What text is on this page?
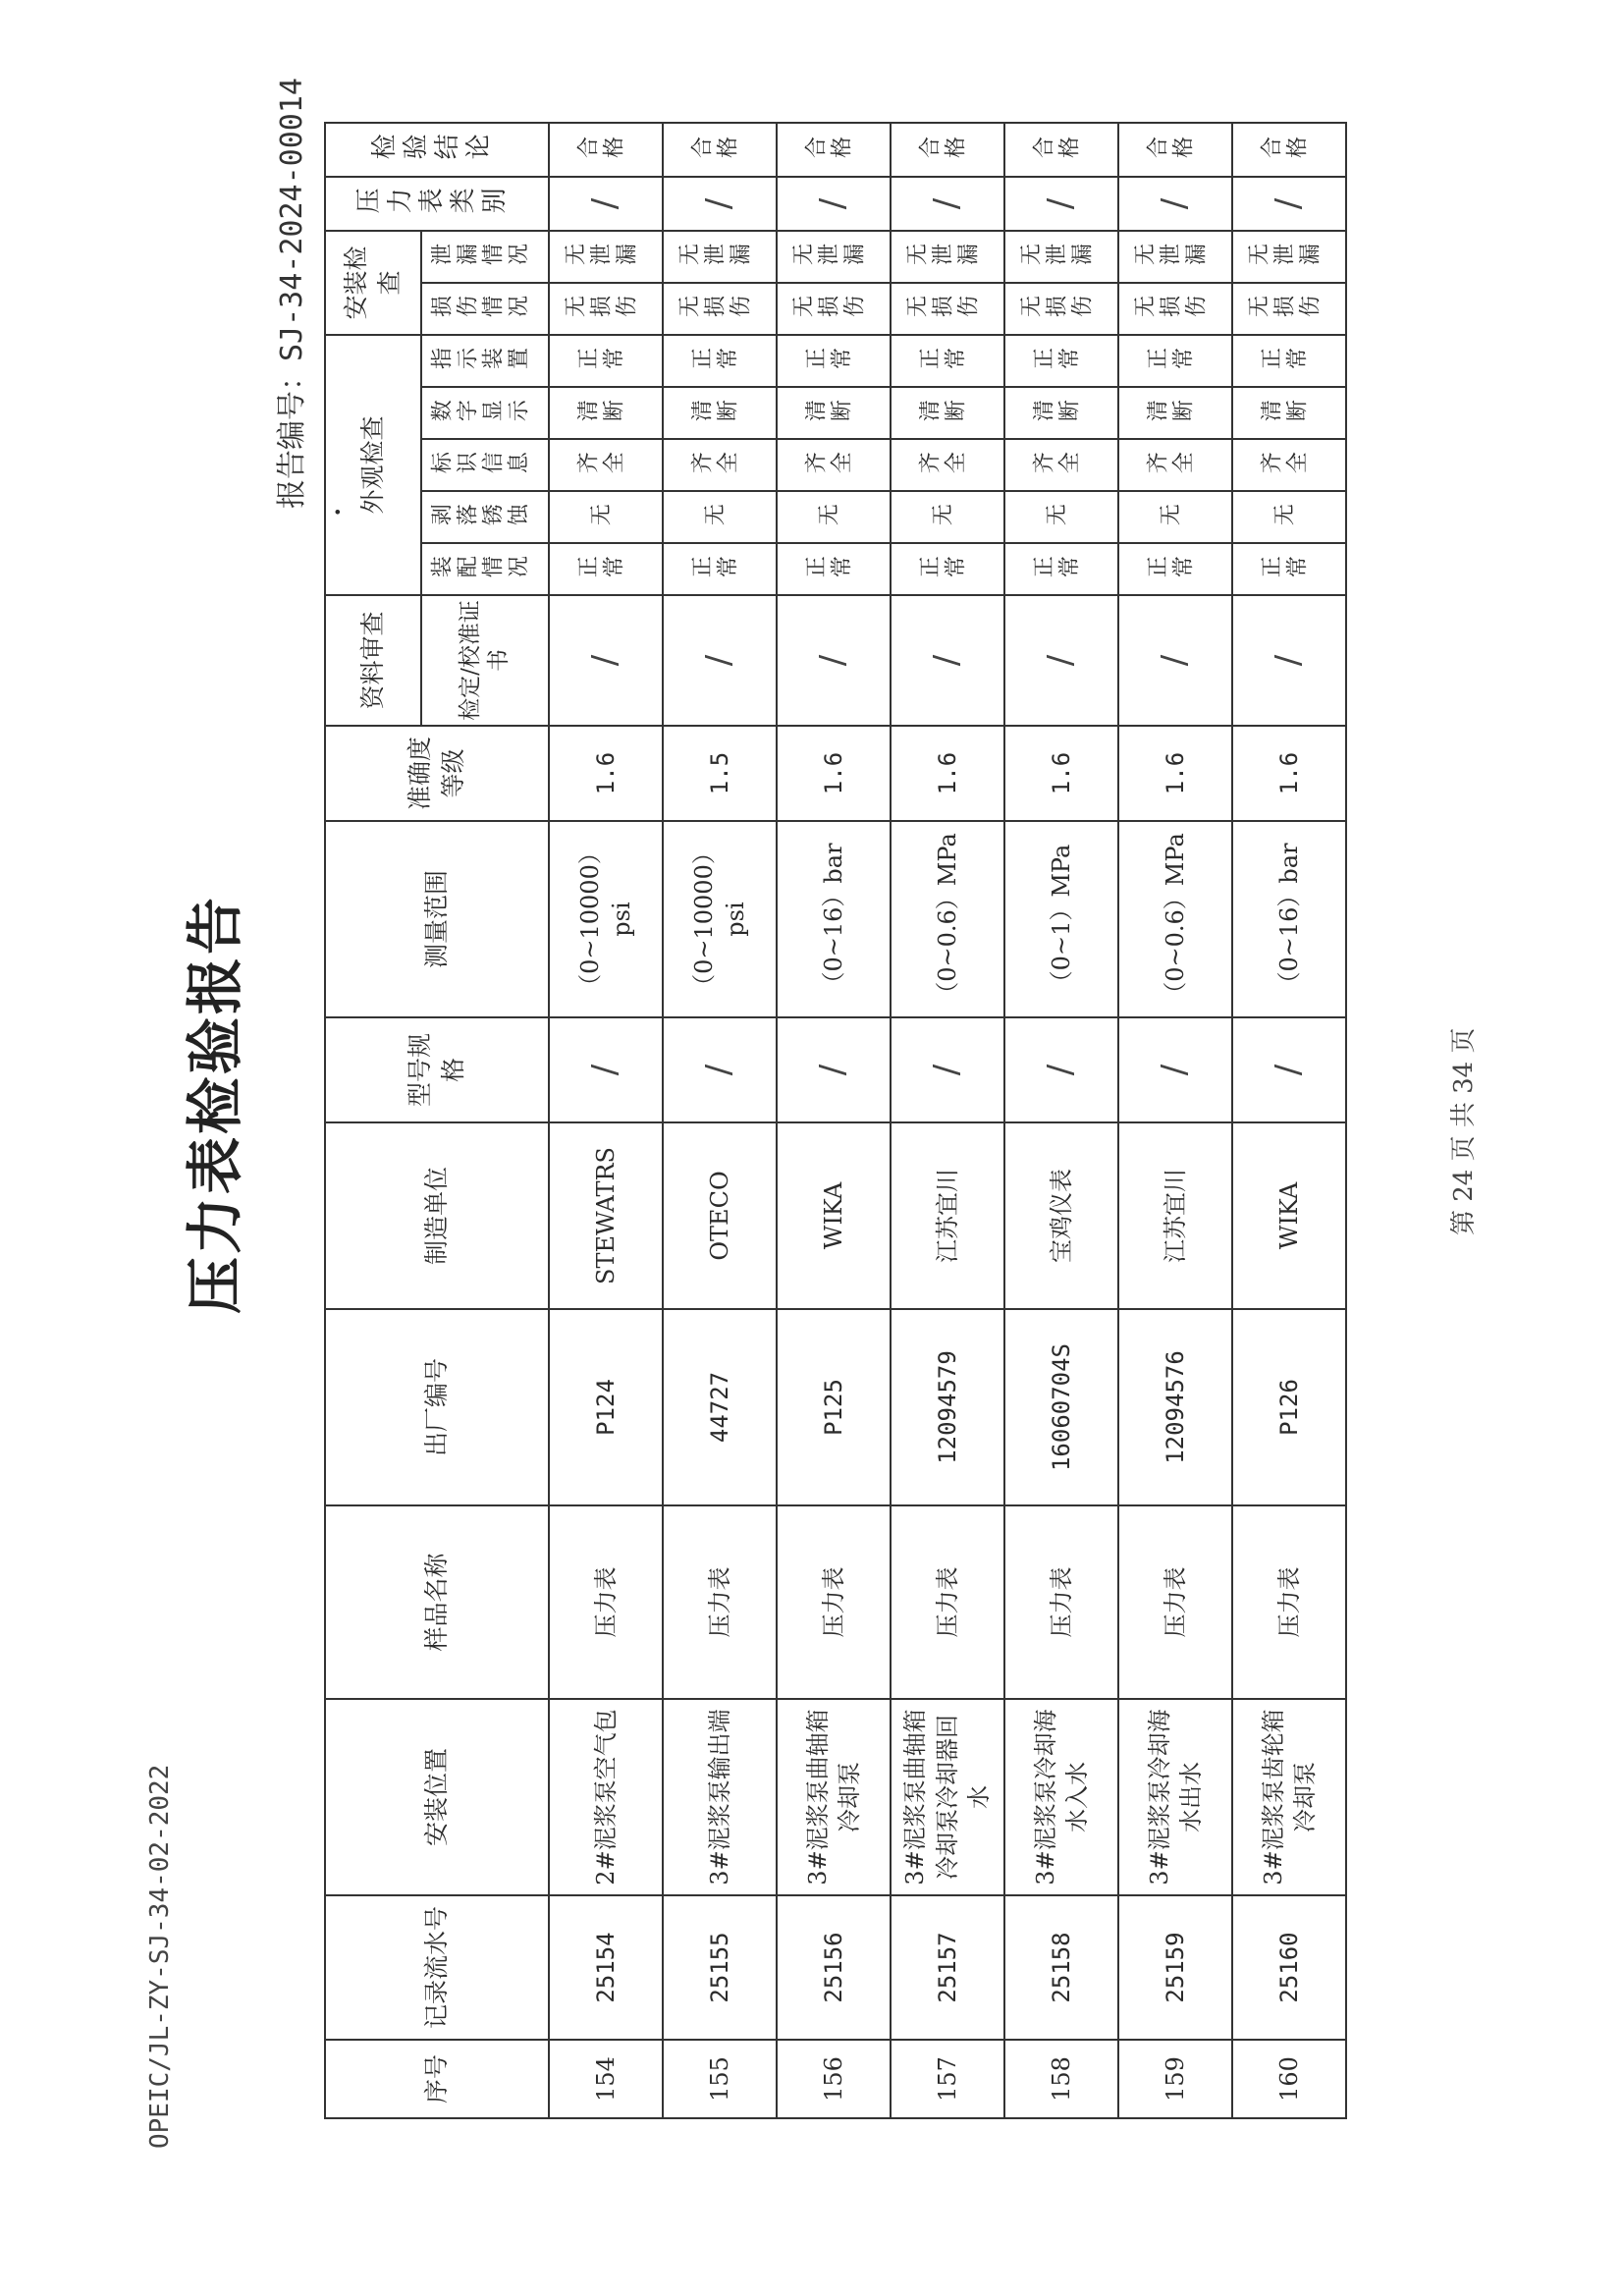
OPEIC/JL-ZY-SJ-34-02-2022
压力表检验报告
报告编号：SJ-34-2024-00014
•
序号	记录流水号	安装位置	样品名称	出厂编号	制造单位	型号规格	测量范围	准确度等级	资料审查	外观检查					安装检查		压力表类别	检验结论
									检定/校准证书	装配情况	剥落锈蚀	标识信息	数字显示	指示装置	损伤情况	泄漏情况		
154	25154	2#泥浆泵空气包	压力表	P124	STEWATRS	/	（0~10000）psi	1.6	/	正常	无	齐全	清断	正常	无损伤	无泄漏	/	合格
155	25155	3#泥浆泵输出端	压力表	44727	OTECO	/	（0~10000）psi	1.5	/	正常	无	齐全	清断	正常	无损伤	无泄漏	/	合格
156	25156	3#泥浆泵曲轴箱冷却泵	压力表	P125	WIKA	/	（0~16）bar	1.6	/	正常	无	齐全	清断	正常	无损伤	无泄漏	/	合格
157	25157	3#泥浆泵曲轴箱冷却泵冷却器回水	压力表	12094579	江苏宜川	/	（0~0.6）MPa	1.6	/	正常	无	齐全	清断	正常	无损伤	无泄漏	/	合格
158	25158	3#泥浆泵冷却海水入水	压力表	16060704S	宝鸡仪表	/	（0~1）MPa	1.6	/	正常	无	齐全	清断	正常	无损伤	无泄漏	/	合格
159	25159	3#泥浆泵冷却海水出水	压力表	12094576	江苏宜川	/	（0~0.6）MPa	1.6	/	正常	无	齐全	清断	正常	无损伤	无泄漏	/	合格
160	25160	3#泥浆泵齿轮箱冷却泵	压力表	P126	WIKA	/	（0~16）bar	1.6	/	正常	无	齐全	清断	正常	无损伤	无泄漏	/	合格
第 24 页 共 34 页
